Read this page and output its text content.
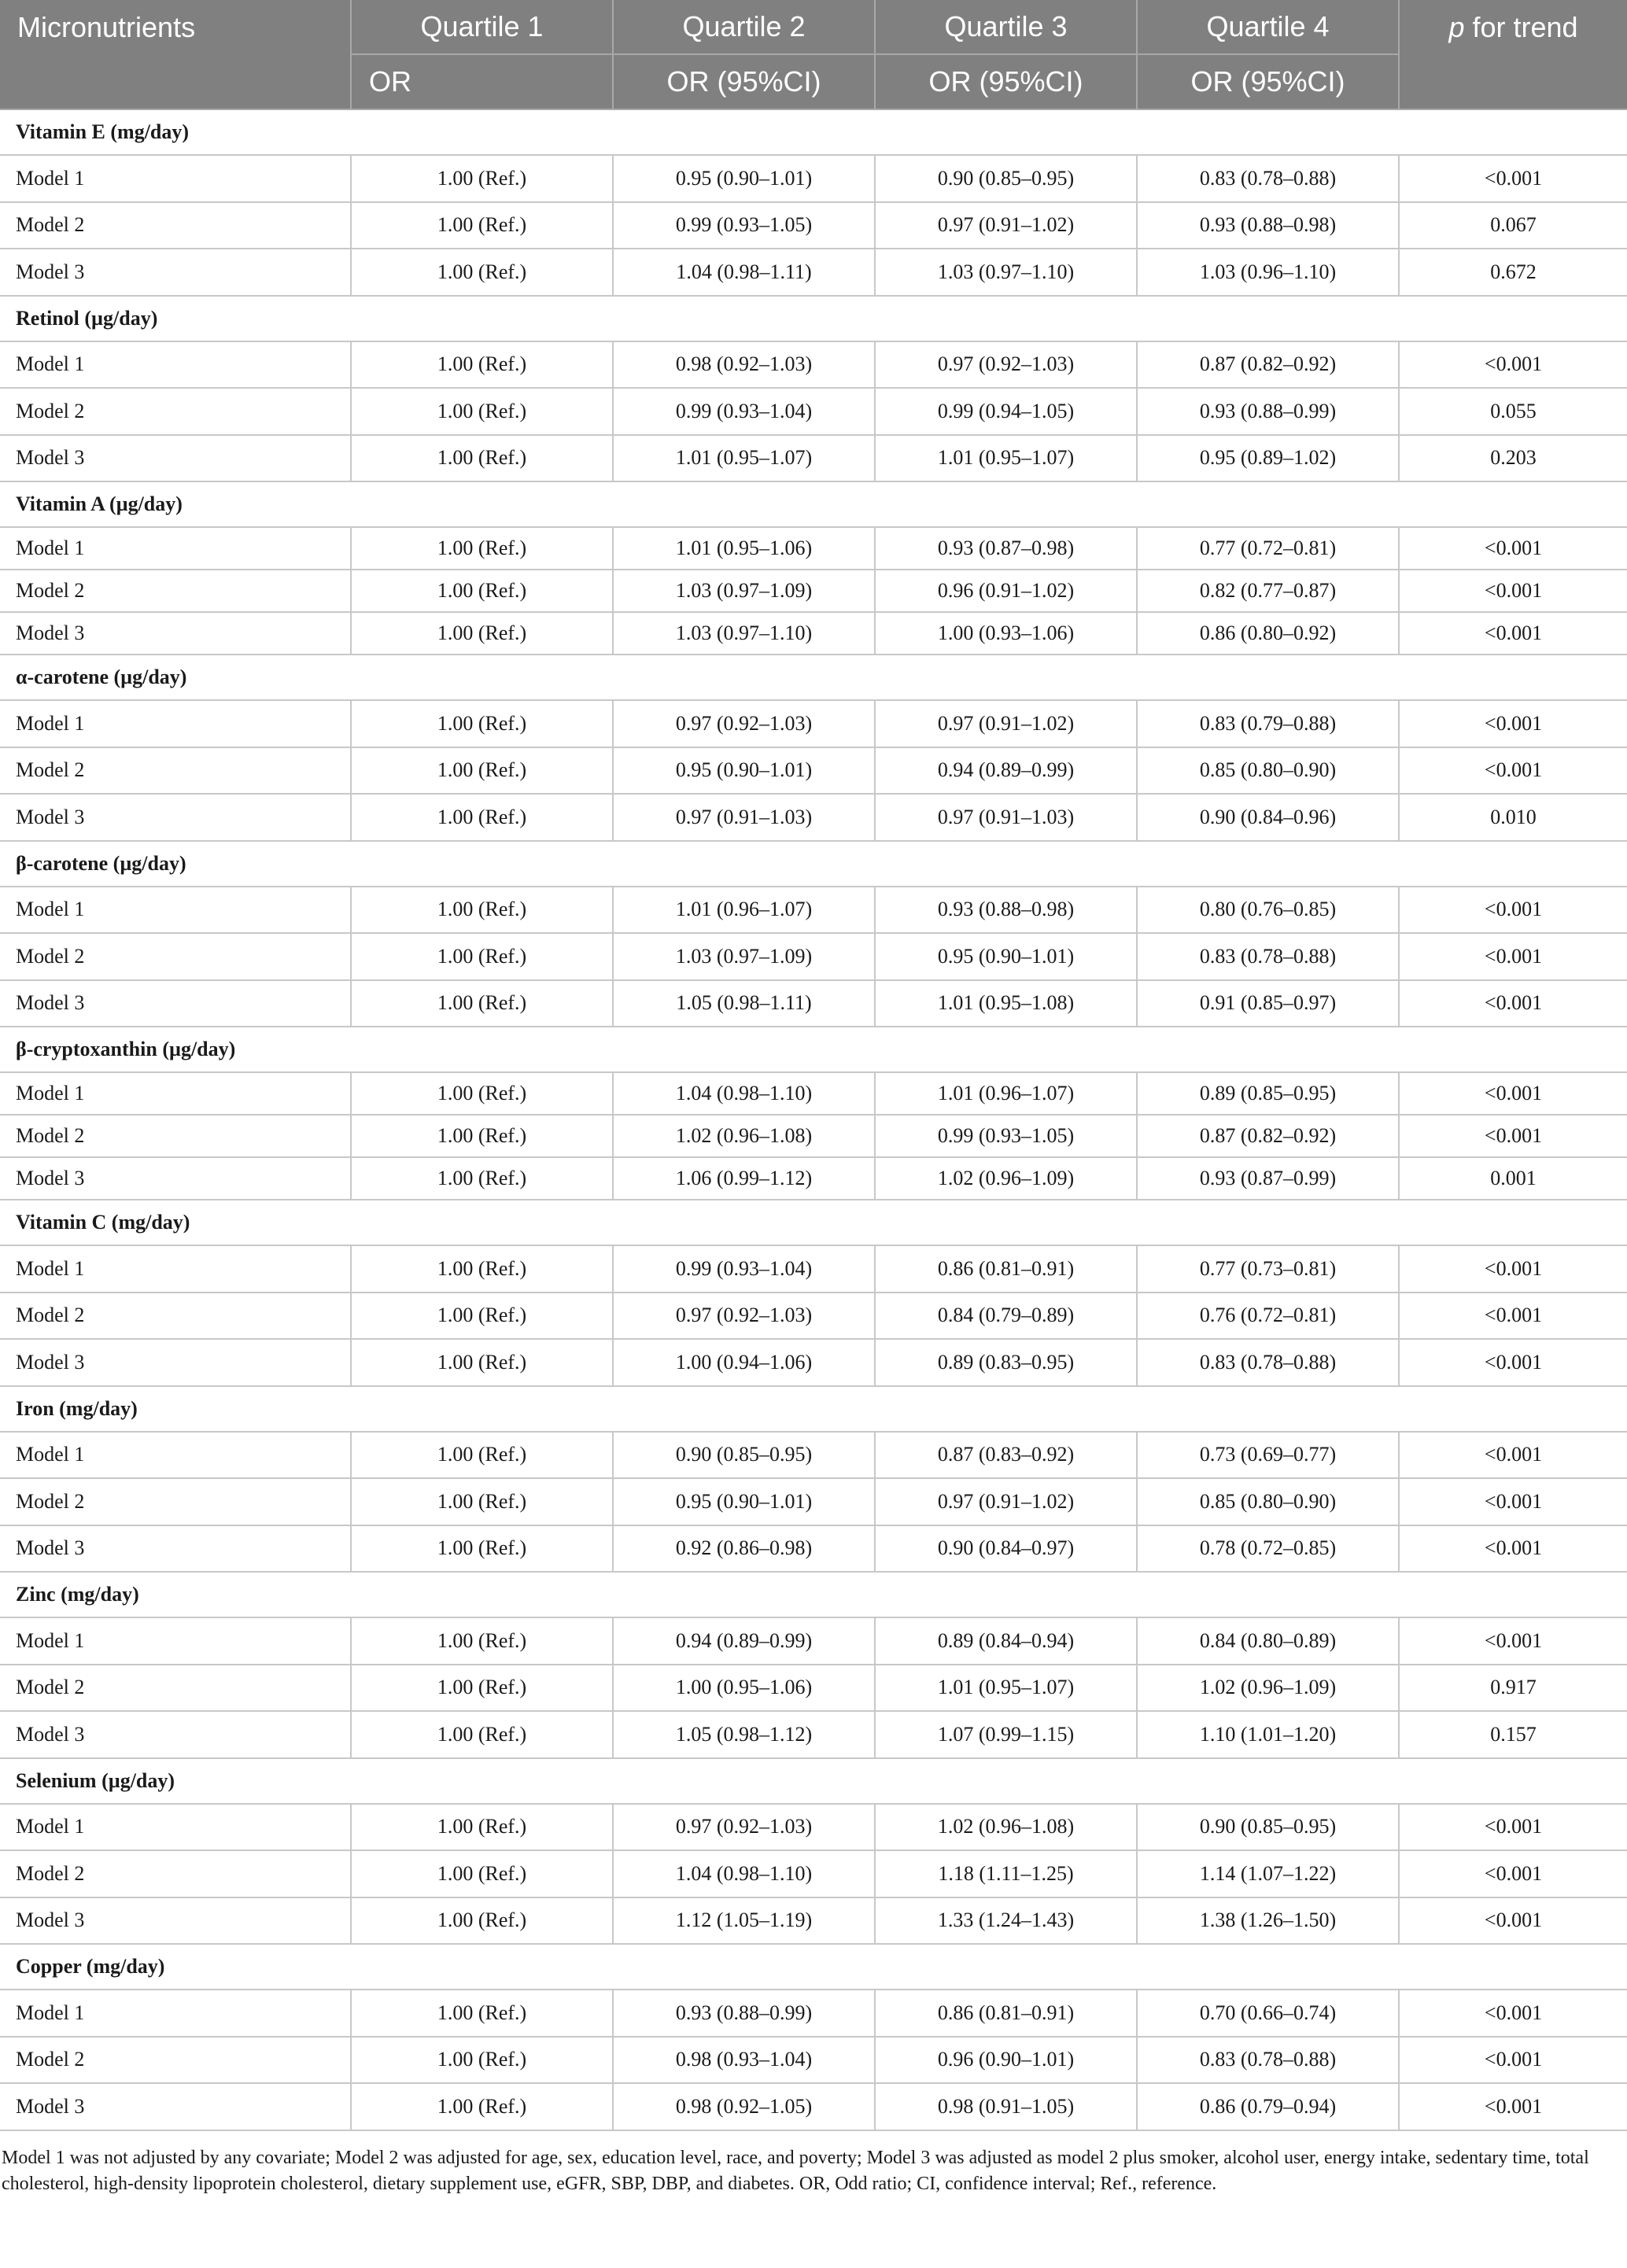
Micronutrients	Quartile 1	Quartile 2	Quartile 3	Quartile 4	p for trend
	OR	OR (95%CI)	OR (95%CI)	OR (95%CI)	
Vitamin E (mg/day)					
Model 1	1.00 (Ref.)	0.95 (0.90–1.01)	0.90 (0.85–0.95)	0.83 (0.78–0.88)	<0.001
Model 2	1.00 (Ref.)	0.99 (0.93–1.05)	0.97 (0.91–1.02)	0.93 (0.88–0.98)	0.067
Model 3	1.00 (Ref.)	1.04 (0.98–1.11)	1.03 (0.97–1.10)	1.03 (0.96–1.10)	0.672
Retinol (µg/day)					
Model 1	1.00 (Ref.)	0.98 (0.92–1.03)	0.97 (0.92–1.03)	0.87 (0.82–0.92)	<0.001
Model 2	1.00 (Ref.)	0.99 (0.93–1.04)	0.99 (0.94–1.05)	0.93 (0.88–0.99)	0.055
Model 3	1.00 (Ref.)	1.01 (0.95–1.07)	1.01 (0.95–1.07)	0.95 (0.89–1.02)	0.203
Vitamin A (µg/day)					
Model 1	1.00 (Ref.)	1.01 (0.95–1.06)	0.93 (0.87–0.98)	0.77 (0.72–0.81)	<0.001
Model 2	1.00 (Ref.)	1.03 (0.97–1.09)	0.96 (0.91–1.02)	0.82 (0.77–0.87)	<0.001
Model 3	1.00 (Ref.)	1.03 (0.97–1.10)	1.00 (0.93–1.06)	0.86 (0.80–0.92)	<0.001
α-carotene (µg/day)					
Model 1	1.00 (Ref.)	0.97 (0.92–1.03)	0.97 (0.91–1.02)	0.83 (0.79–0.88)	<0.001
Model 2	1.00 (Ref.)	0.95 (0.90–1.01)	0.94 (0.89–0.99)	0.85 (0.80–0.90)	<0.001
Model 3	1.00 (Ref.)	0.97 (0.91–1.03)	0.97 (0.91–1.03)	0.90 (0.84–0.96)	0.010
β-carotene (µg/day)					
Model 1	1.00 (Ref.)	1.01 (0.96–1.07)	0.93 (0.88–0.98)	0.80 (0.76–0.85)	<0.001
Model 2	1.00 (Ref.)	1.03 (0.97–1.09)	0.95 (0.90–1.01)	0.83 (0.78–0.88)	<0.001
Model 3	1.00 (Ref.)	1.05 (0.98–1.11)	1.01 (0.95–1.08)	0.91 (0.85–0.97)	<0.001
β-cryptoxanthin (µg/day)					
Model 1	1.00 (Ref.)	1.04 (0.98–1.10)	1.01 (0.96–1.07)	0.89 (0.85–0.95)	<0.001
Model 2	1.00 (Ref.)	1.02 (0.96–1.08)	0.99 (0.93–1.05)	0.87 (0.82–0.92)	<0.001
Model 3	1.00 (Ref.)	1.06 (0.99–1.12)	1.02 (0.96–1.09)	0.93 (0.87–0.99)	0.001
Vitamin C (mg/day)					
Model 1	1.00 (Ref.)	0.99 (0.93–1.04)	0.86 (0.81–0.91)	0.77 (0.73–0.81)	<0.001
Model 2	1.00 (Ref.)	0.97 (0.92–1.03)	0.84 (0.79–0.89)	0.76 (0.72–0.81)	<0.001
Model 3	1.00 (Ref.)	1.00 (0.94–1.06)	0.89 (0.83–0.95)	0.83 (0.78–0.88)	<0.001
Iron (mg/day)					
Model 1	1.00 (Ref.)	0.90 (0.85–0.95)	0.87 (0.83–0.92)	0.73 (0.69–0.77)	<0.001
Model 2	1.00 (Ref.)	0.95 (0.90–1.01)	0.97 (0.91–1.02)	0.85 (0.80–0.90)	<0.001
Model 3	1.00 (Ref.)	0.92 (0.86–0.98)	0.90 (0.84–0.97)	0.78 (0.72–0.85)	<0.001
Zinc (mg/day)					
Model 1	1.00 (Ref.)	0.94 (0.89–0.99)	0.89 (0.84–0.94)	0.84 (0.80–0.89)	<0.001
Model 2	1.00 (Ref.)	1.00 (0.95–1.06)	1.01 (0.95–1.07)	1.02 (0.96–1.09)	0.917
Model 3	1.00 (Ref.)	1.05 (0.98–1.12)	1.07 (0.99–1.15)	1.10 (1.01–1.20)	0.157
Selenium (µg/day)					
Model 1	1.00 (Ref.)	0.97 (0.92–1.03)	1.02 (0.96–1.08)	0.90 (0.85–0.95)	<0.001
Model 2	1.00 (Ref.)	1.04 (0.98–1.10)	1.18 (1.11–1.25)	1.14 (1.07–1.22)	<0.001
Model 3	1.00 (Ref.)	1.12 (1.05–1.19)	1.33 (1.24–1.43)	1.38 (1.26–1.50)	<0.001
Copper (mg/day)					
Model 1	1.00 (Ref.)	0.93 (0.88–0.99)	0.86 (0.81–0.91)	0.70 (0.66–0.74)	<0.001
Model 2	1.00 (Ref.)	0.98 (0.93–1.04)	0.96 (0.90–1.01)	0.83 (0.78–0.88)	<0.001
Model 3	1.00 (Ref.)	0.98 (0.92–1.05)	0.98 (0.91–1.05)	0.86 (0.79–0.94)	<0.001
Model 1 was not adjusted by any covariate; Model 2 was adjusted for age, sex, education level, race, and poverty; Model 3 was adjusted as model 2 plus smoker, alcohol user, energy intake, sedentary time, total cholesterol, high-density lipoprotein cholesterol, dietary supplement use, eGFR, SBP, DBP, and diabetes. OR, Odd ratio; CI, confidence interval; Ref., reference.
